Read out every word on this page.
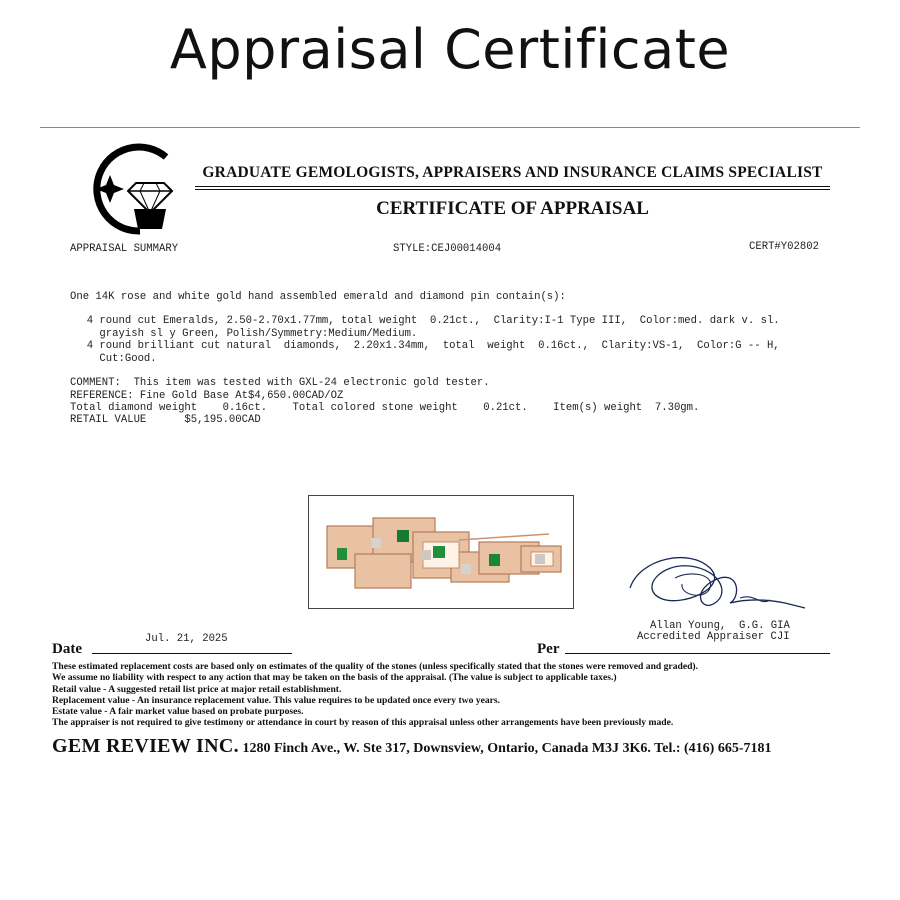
Appraisal Certificate
GRADUATE GEMOLOGISTS, APPRAISERS AND INSURANCE CLAIMS SPECIALIST
CERTIFICATE OF APPRAISAL
APPRAISAL SUMMARY	STYLE:CEJ00014004	CERT#Y02802
One 14K rose and white gold hand assembled emerald and diamond pin contain(s):
4 round cut Emeralds, 2.50-2.70x1.77mm, total weight  0.21ct.,  Clarity:I-1 Type III,  Color:med. dark v. sl.
grayish sl y Green, Polish/Symmetry:Medium/Medium.
4 round brilliant cut natural  diamonds,  2.20x1.34mm,  total  weight  0.16ct.,  Clarity:VS-1,  Color:G -- H,
Cut:Good.
COMMENT:  This item was tested with GXL-24 electronic gold tester.
REFERENCE: Fine Gold Base At$4,650.00CAD/OZ
Total diamond weight    0.16ct.    Total colored stone weight    0.21ct.    Item(s) weight  7.30gm.
RETAIL VALUE      $5,195.00CAD
Allan Young,  G.G. GIA
Accredited Appraiser CJI
Date
Jul. 21, 2025
Per
These estimated replacement costs are based only on estimates of the quality of the stones (unless specifically stated that the stones were removed and graded).
We assume no liability with respect to any action that may be taken on the basis of the appraisal. (The value is subject to applicable taxes.)
Retail value - A suggested retail list price at major retail establishment.
Replacement value - An insurance replacement value. This value requires to be updated once every two years.
Estate value - A fair market value based on probate purposes.
The appraiser is not required to give testimony or attendance in court by reason of this appraisal unless other arrangements have been previously made.
GEM REVIEW INC. 1280 Finch Ave., W. Ste 317, Downsview, Ontario, Canada M3J 3K6. Tel.: (416) 665-7181
